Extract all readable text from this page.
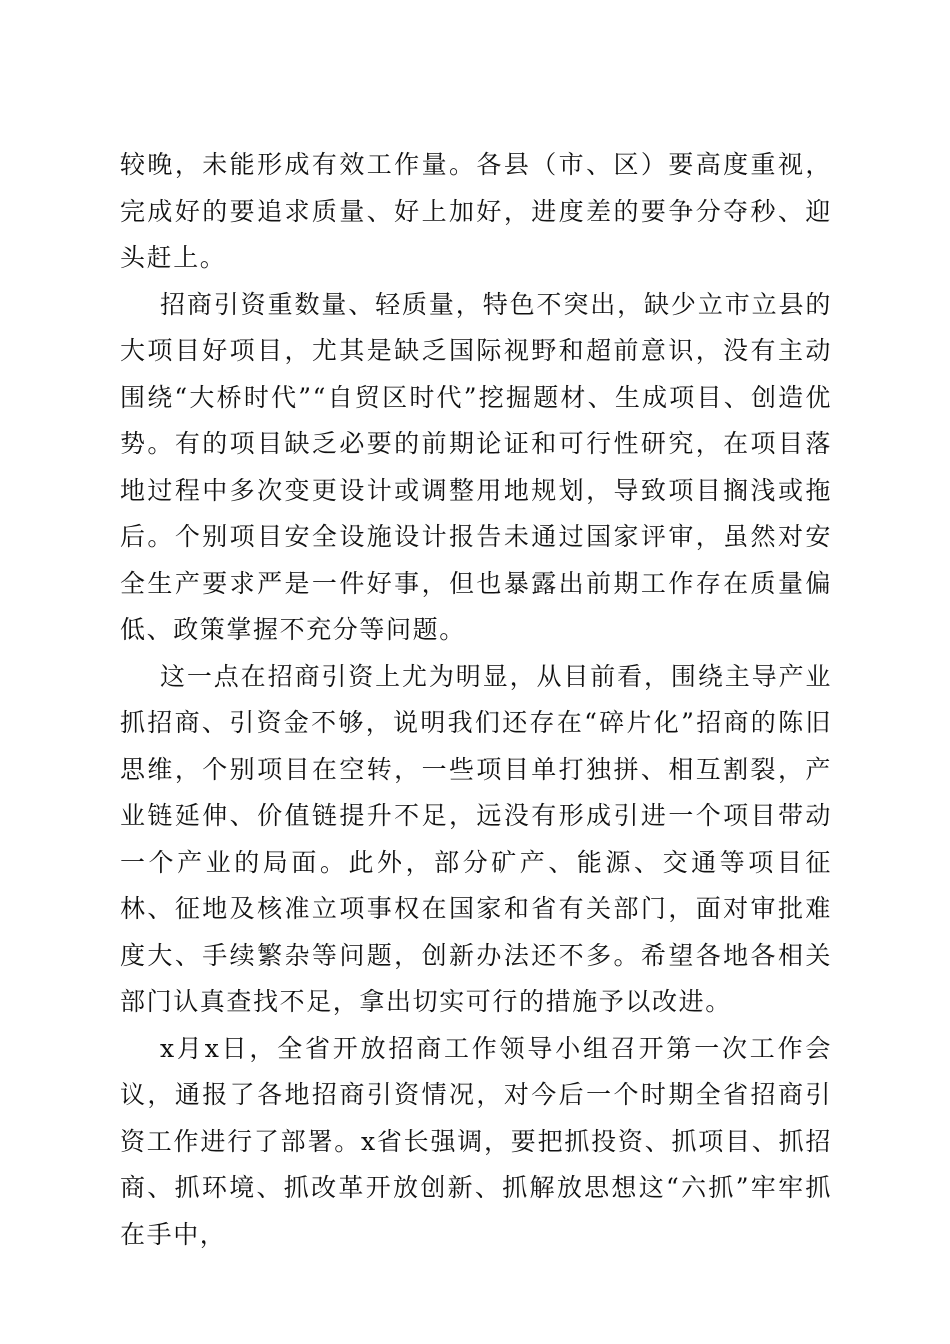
较晚，未能形成有效工作量。各县（市、区）要高度重视，完成好的要追求质量、好上加好，进度差的要争分夺秒、迎头赶上。

招商引资重数量、轻质量，特色不突出，缺少立市立县的大项目好项目，尤其是缺乏国际视野和超前意识，没有主动围绕“大桥时代”“自贸区时代”挖掘题材、生成项目、创造优势。有的项目缺乏必要的前期论证和可行性研究，在项目落地过程中多次变更设计或调整用地规划，导致项目搁浅或拖后。个别项目安全设施设计报告未通过国家评审，虽然对安全生产要求严是一件好事，但也暴露出前期工作存在质量偏低、政策掌握不充分等问题。

这一点在招商引资上尤为明显，从目前看，围绕主导产业抓招商、引资金不够，说明我们还存在“碎片化”招商的陈旧思维，个别项目在空转，一些项目单打独拼、相互割裂，产业链延伸、价值链提升不足，远没有形成引进一个项目带动一个产业的局面。此外，部分矿产、能源、交通等项目征林、征地及核准立项事权在国家和省有关部门，面对审批难度大、手续繁杂等问题，创新办法还不多。希望各地各相关部门认真查找不足，拿出切实可行的措施予以改进。

x月x日，全省开放招商工作领导小组召开第一次工作会议，通报了各地招商引资情况，对今后一个时期全省招商引资工作进行了部署。x省长强调，要把抓投资、抓项目、抓招商、抓环境、抓改革开放创新、抓解放思想这“六抓”牢牢抓在手中，
